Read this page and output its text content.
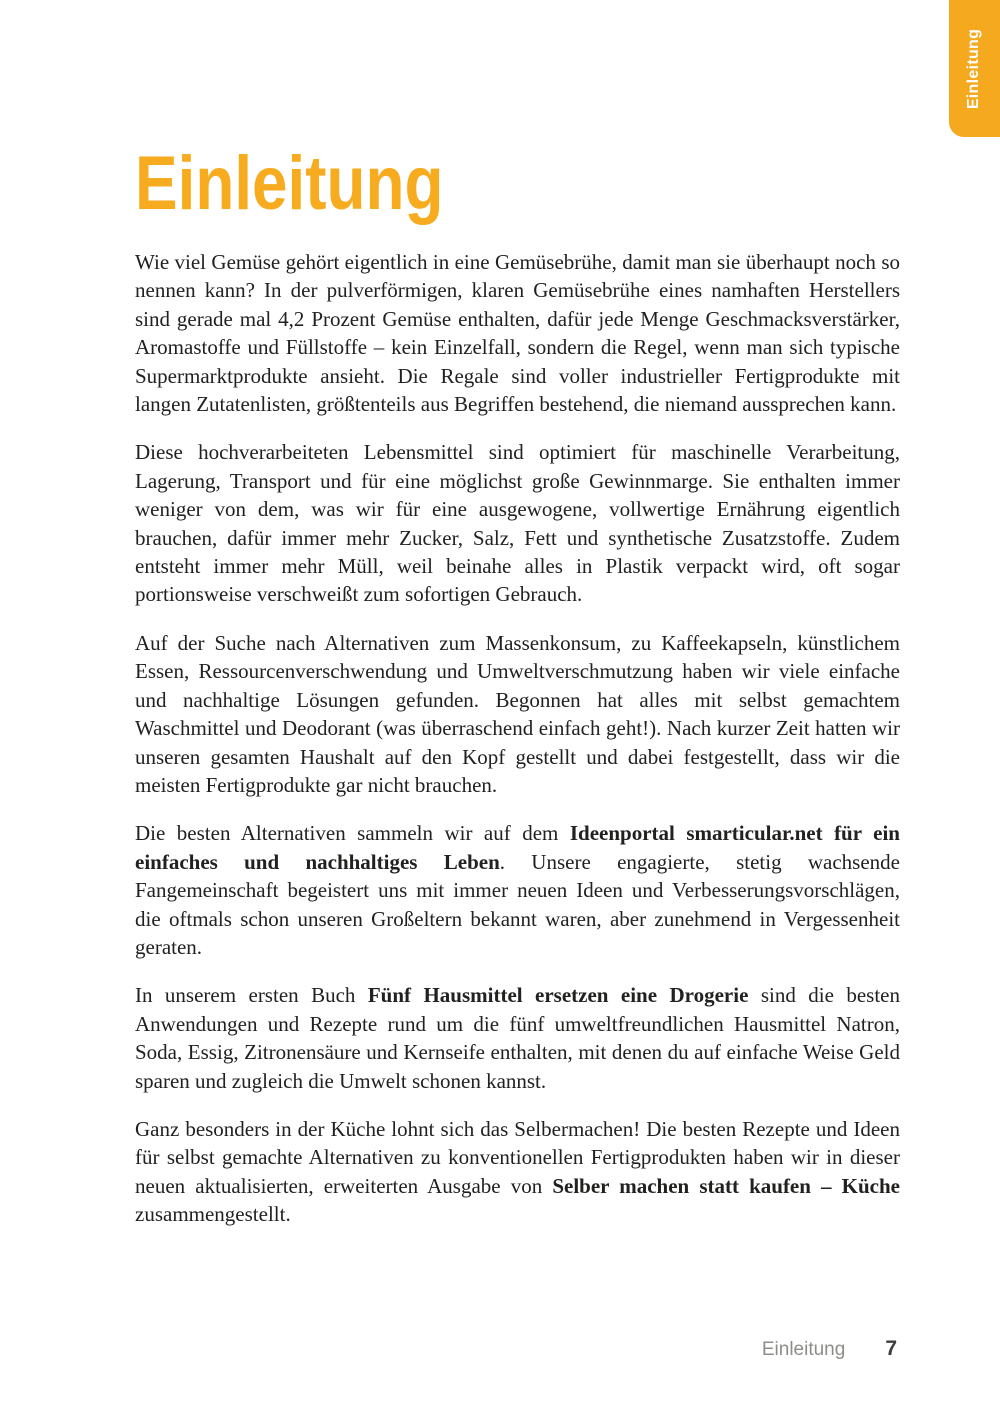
Einleitung
Einleitung

Wie viel Gemüse gehört eigentlich in eine Gemüsebrühe, damit man sie überhaupt noch so nennen kann? In der pulverförmigen, klaren Gemüsebrühe eines namhaften Herstellers sind gerade mal 4,2 Prozent Gemüse enthalten, dafür jede Menge Geschmacksverstärker, Aromastoffe und Füllstoffe – kein Einzelfall, sondern die Regel, wenn man sich typische Supermarktprodukte ansieht. Die Regale sind voller industrieller Fertigprodukte mit langen Zutatenlisten, größtenteils aus Begriffen bestehend, die niemand aussprechen kann.

Diese hochverarbeiteten Lebensmittel sind optimiert für maschinelle Verarbeitung, Lagerung, Transport und für eine möglichst große Gewinnmarge. Sie enthalten immer weniger von dem, was wir für eine ausgewogene, vollwertige Ernährung eigentlich brauchen, dafür immer mehr Zucker, Salz, Fett und synthetische Zusatzstoffe. Zudem entsteht immer mehr Müll, weil beinahe alles in Plastik verpackt wird, oft sogar portionsweise verschweißt zum sofortigen Gebrauch.

Auf der Suche nach Alternativen zum Massenkonsum, zu Kaffeekapseln, künstlichem Essen, Ressourcenverschwendung und Umweltverschmutzung haben wir viele einfache und nachhaltige Lösungen gefunden. Begonnen hat alles mit selbst gemachtem Waschmittel und Deodorant (was überraschend einfach geht!). Nach kurzer Zeit hatten wir unseren gesamten Haushalt auf den Kopf gestellt und dabei festgestellt, dass wir die meisten Fertigprodukte gar nicht brauchen.

Die besten Alternativen sammeln wir auf dem Ideenportal smarticular.net für ein einfaches und nachhaltiges Leben. Unsere engagierte, stetig wachsende Fangemeinschaft begeistert uns mit immer neuen Ideen und Verbesserungsvorschlägen, die oftmals schon unseren Großeltern bekannt waren, aber zunehmend in Vergessenheit geraten.

In unserem ersten Buch Fünf Hausmittel ersetzen eine Drogerie sind die besten Anwendungen und Rezepte rund um die fünf umweltfreundlichen Hausmittel Natron, Soda, Essig, Zitronensäure und Kernseife enthalten, mit denen du auf einfache Weise Geld sparen und zugleich die Umwelt schonen kannst.

Ganz besonders in der Küche lohnt sich das Selbermachen! Die besten Rezepte und Ideen für selbst gemachte Alternativen zu konventionellen Fertigprodukten haben wir in dieser neuen aktualisierten, erweiterten Ausgabe von Selber machen statt kaufen – Küche zusammengestellt.

Einleitung 7
